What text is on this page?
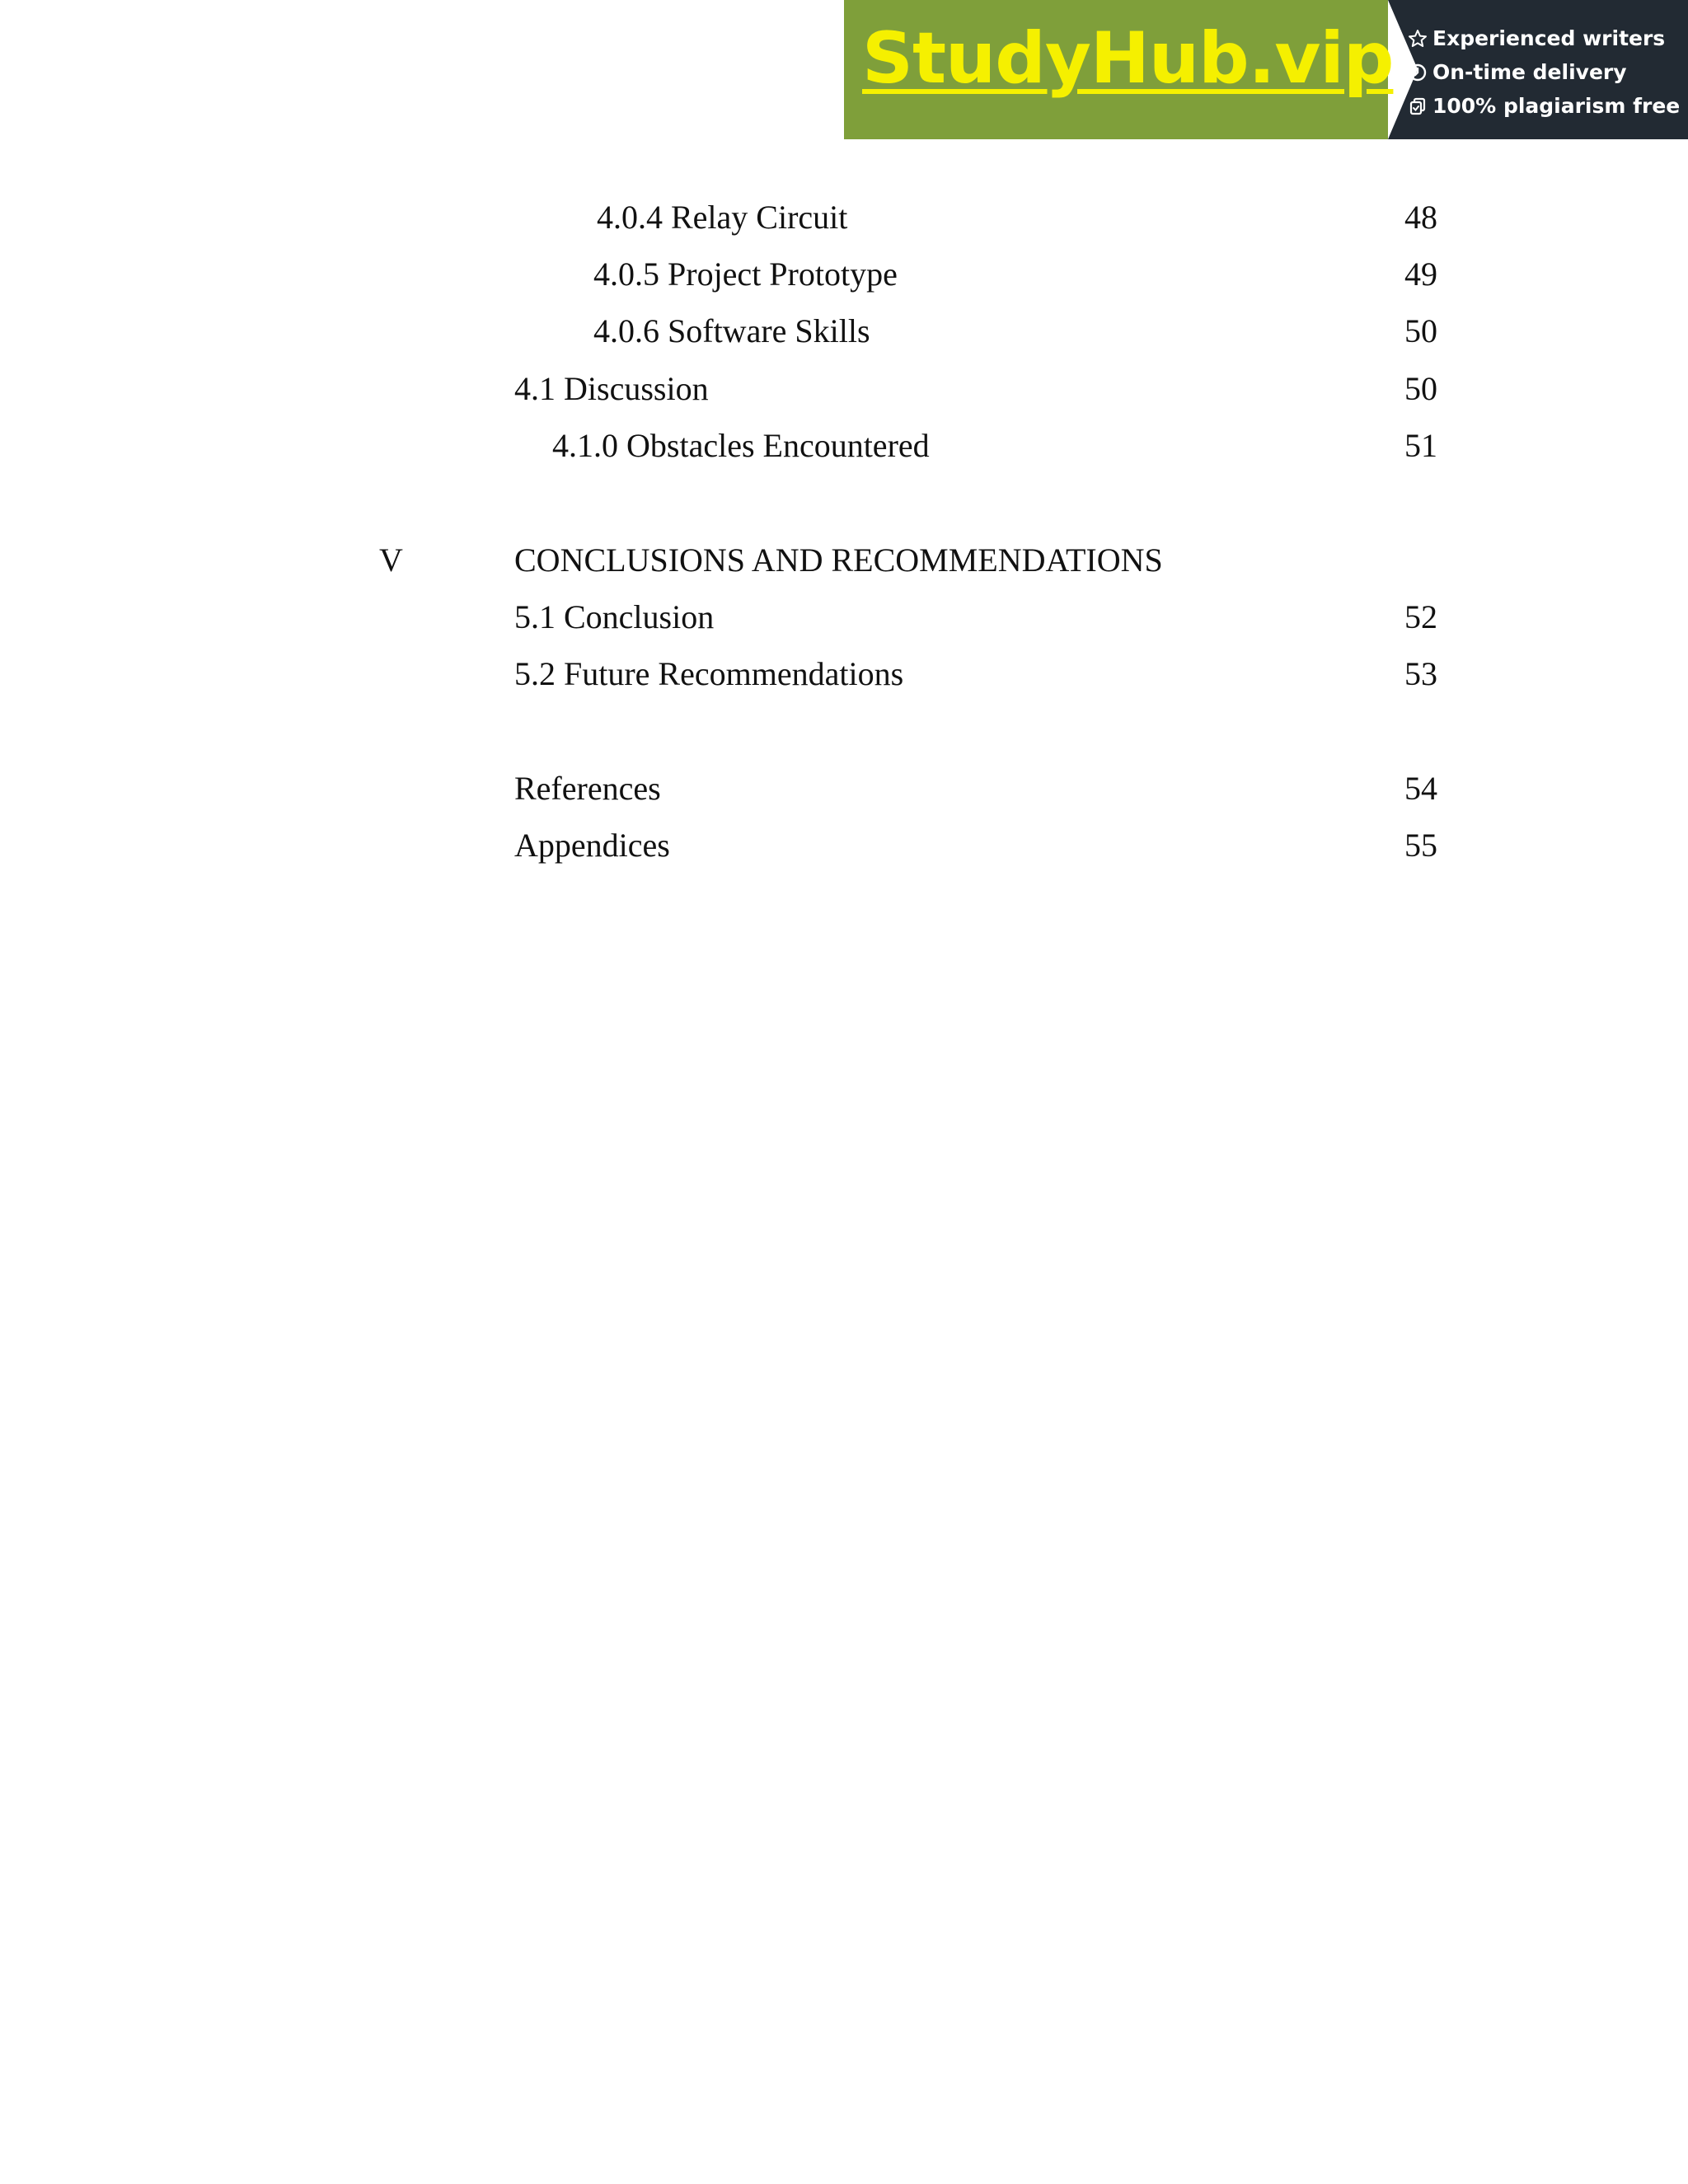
StudyHub.vip Experienced writers
On-time delivery
100% plagiarism free
4.0.4 Relay Circuit	48
4.0.5 Project Prototype	49
4.0.6 Software Skills	50
4.1 Discussion	50
4.1.0 Obstacles Encountered	51
V	CONCLUSIONS AND RECOMMENDATIONS
5.1 Conclusion	52
5.2 Future Recommendations	53
References	54
Appendices	55
